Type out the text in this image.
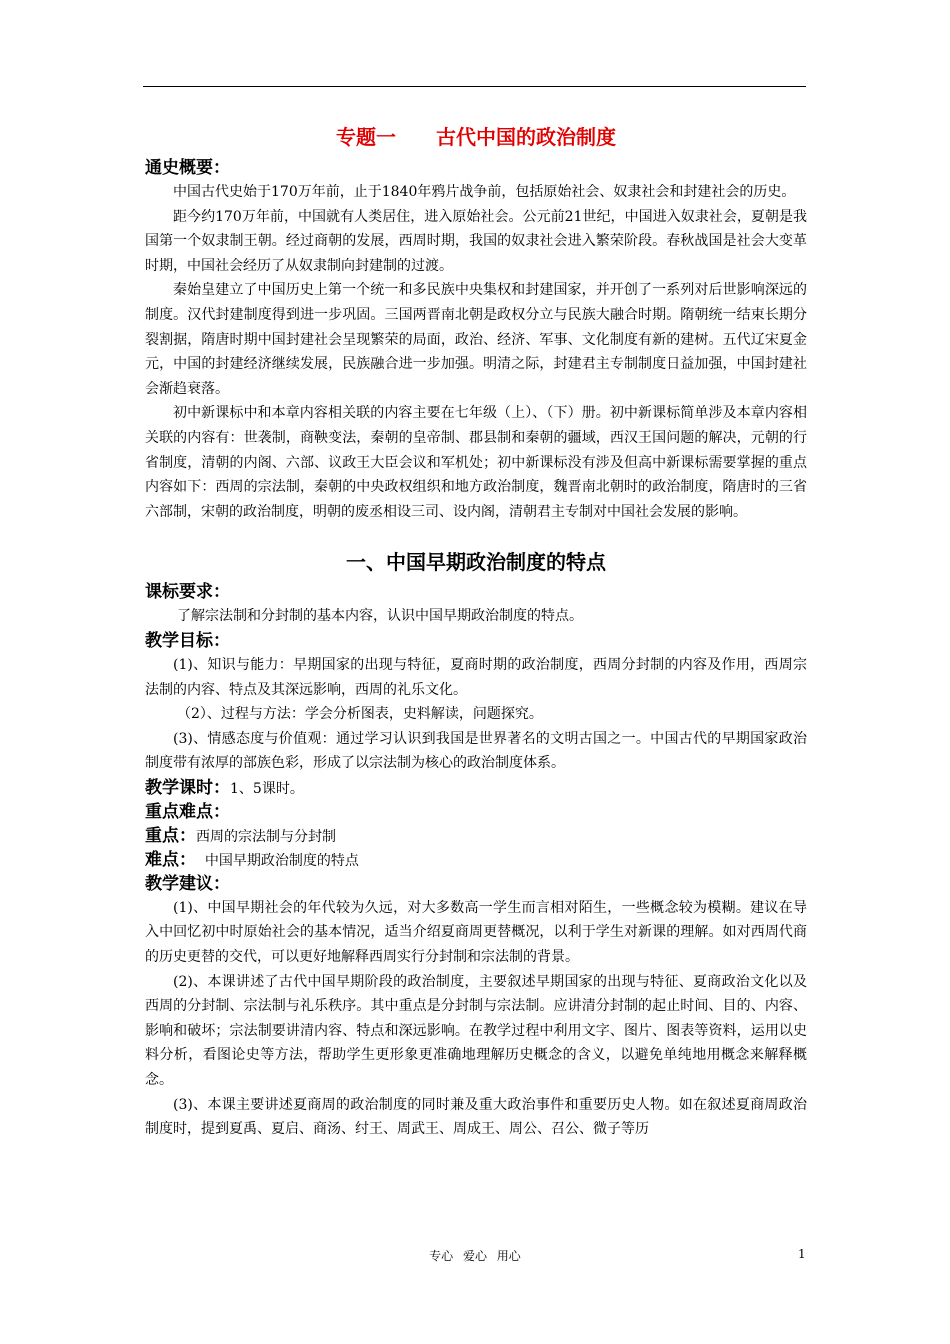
专题一　　古代中国的政治制度
通史概要：
中国古代史始于170万年前，止于1840年鸦片战争前，包括原始社会、奴隶社会和封建社会的历史。
距今约170万年前，中国就有人类居住，进入原始社会。公元前21世纪，中国进入奴隶社会，夏朝是我国第一个奴隶制王朝。经过商朝的发展，西周时期，我国的奴隶社会进入繁荣阶段。春秋战国是社会大变革时期，中国社会经历了从奴隶制向封建制的过渡。
秦始皇建立了中国历史上第一个统一和多民族中央集权和封建国家，并开创了一系列对后世影响深远的制度。汉代封建制度得到进一步巩固。三国两晋南北朝是政权分立与民族大融合时期。隋朝统一结束长期分裂割据，隋唐时期中国封建社会呈现繁荣的局面，政治、经济、军事、文化制度有新的建树。五代辽宋夏金元，中国的封建经济继续发展，民族融合进一步加强。明清之际，封建君主专制制度日益加强，中国封建社会渐趋衰落。
初中新课标中和本章内容相关联的内容主要在七年级（上）、（下）册。初中新课标简单涉及本章内容相关联的内容有：世袭制，商鞅变法，秦朝的皇帝制、郡县制和秦朝的疆域，西汉王国问题的解决，元朝的行省制度，清朝的内阁、六部、议政王大臣会议和军机处；初中新课标没有涉及但高中新课标需要掌握的重点内容如下：西周的宗法制，秦朝的中央政权组织和地方政治制度，魏晋南北朝时的政治制度，隋唐时的三省六部制，宋朝的政治制度，明朝的废丞相设三司、设内阁，清朝君主专制对中国社会发展的影响。
一、中国早期政治制度的特点
课标要求：
了解宗法制和分封制的基本内容，认识中国早期政治制度的特点。
教学目标：
(1)、知识与能力：早期国家的出现与特征，夏商时期的政治制度，西周分封制的内容及作用，西周宗法制的内容、特点及其深远影响，西周的礼乐文化。
（2）、过程与方法：学会分析图表，史料解读，问题探究。
(3)、情感态度与价值观：通过学习认识到我国是世界著名的文明古国之一。中国古代的早期国家政治制度带有浓厚的部族色彩，形成了以宗法制为核心的政治制度体系。
教学课时：1、5课时。
重点难点：
重点：西周的宗法制与分封制
难点： 中国早期政治制度的特点
教学建议：
(1)、中国早期社会的年代较为久远，对大多数高一学生而言相对陌生，一些概念较为模糊。建议在导入中回忆初中时原始社会的基本情况，适当介绍夏商周更替概况，以利于学生对新课的理解。如对西周代商的历史更替的交代，可以更好地解释西周实行分封制和宗法制的背景。
(2)、本课讲述了古代中国早期阶段的政治制度，主要叙述早期国家的出现与特征、夏商政治文化以及西周的分封制、宗法制与礼乐秩序。其中重点是分封制与宗法制。应讲清分封制的起止时间、目的、内容、影响和破坏；宗法制要讲清内容、特点和深远影响。在教学过程中利用文字、图片、图表等资料，运用以史料分析，看图论史等方法，帮助学生更形象更准确地理解历史概念的含义，以避免单纯地用概念来解释概念。
(3)、本课主要讲述夏商周的政治制度的同时兼及重大政治事件和重要历史人物。如在叙述夏商周政治制度时，提到夏禹、夏启、商汤、纣王、周武王、周成王、周公、召公、微子等历
专心 爱心 用心	1
